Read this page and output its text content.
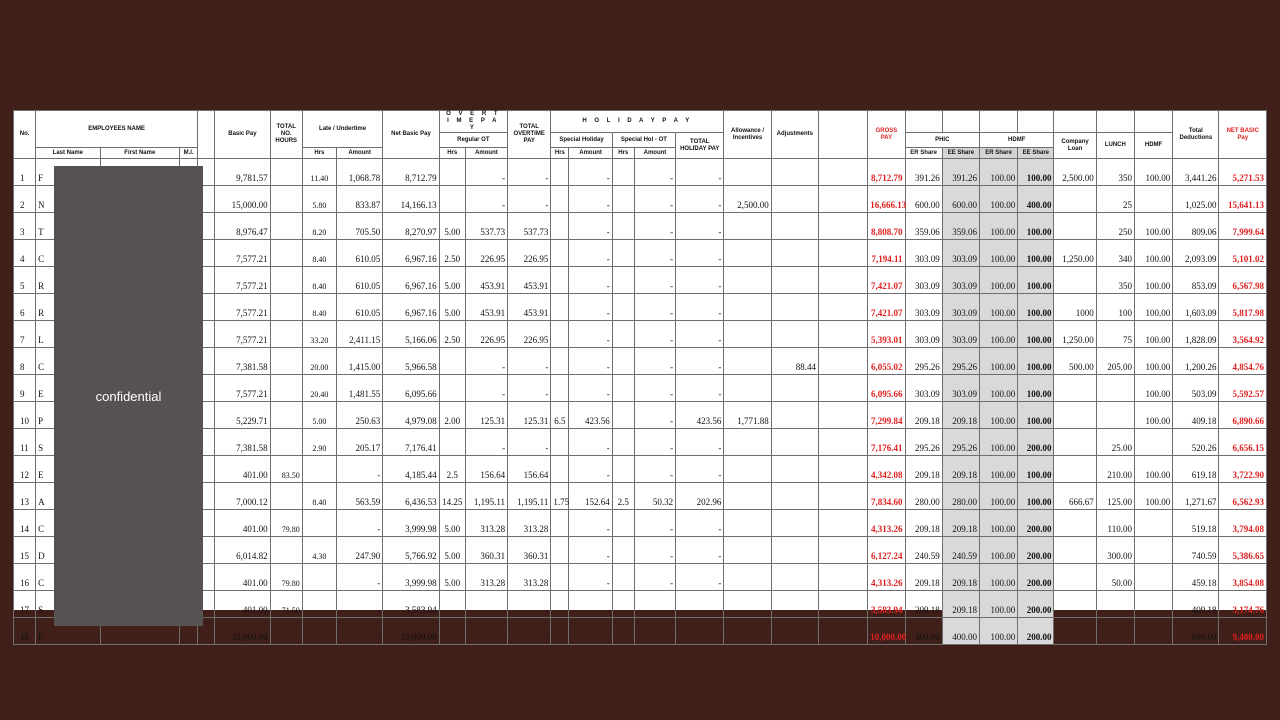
No.	EMPLOYEES NAME				Basic Pay	TOTAL NO. HOURS	Late / Undertime		Net Basic Pay	O V E R T I M E P A Y		TOTAL OVERTIME PAY	H O L I D A Y P A Y					Allowance / Incentives	Adjustments		GROSS PAY								Total Deductions	NET BASIC Pay
										Regular OT			Special Holiday		Special Hol - OT		TOTAL HOLIDAY PAY					PHIC		HDMF		Company Loan	LUNCH	HDMF		
	Last Name	First Name	M.I.				Hrs	Amount		Hrs	Amount		Hrs	Amount	Hrs	Amount						ER Share	EE Share	ER Share	EE Share					
1	F				9,781.57		11.40	1,068.78	8,712.79		-	-		-		-	-				8,712.79	391.26	391.26	100.00	100.00	2,500.00	350	100.00	3,441.26	5,271.53
2	N				15,000.00		5.80	833.87	14,166.13		-	-		-		-	-	2,500.00			16,666.13	600.00	600.00	100.00	400.00		25		1,025.00	15,641.13
3	T				8,976.47		8.20	705.50	8,270.97	5.00	537.73	537.73		-		-	-				8,808.70	359.06	359.06	100.00	100.00		250	100.00	809.06	7,999.64
4	C				7,577.21		8.40	610.05	6,967.16	2.50	226.95	226.95		-		-	-				7,194.11	303.09	303.09	100.00	100.00	1,250.00	340	100.00	2,093.09	5,101.02
5	R				7,577.21		8.40	610.05	6,967.16	5.00	453.91	453.91		-		-	-				7,421.07	303.09	303.09	100.00	100.00		350	100.00	853.09	6,567.98
6	R				7,577.21		8.40	610.05	6,967.16	5.00	453.91	453.91		-		-	-				7,421.07	303.09	303.09	100.00	100.00	1000	100	100.00	1,603.09	5,817.98
7	L				7,577.21		33.20	2,411.15	5,166.06	2.50	226.95	226.95		-		-	-				5,393.01	303.09	303.09	100.00	100.00	1,250.00	75	100.00	1,828.09	3,564.92
8	C				7,381.58		20.00	1,415.00	5,966.58		-	-		-		-	-		88.44		6,055.02	295.26	295.26	100.00	100.00	500.00	205.00	100.00	1,200.26	4,854.76
9	E				7,577.21		20.40	1,481.55	6,095.66		-	-		-		-	-				6,095.66	303.09	303.09	100.00	100.00			100.00	503.09	5,592.57
10	P				5,229.71		5.00	250.63	4,979.08	2.00	125.31	125.31	6.5	423.56		-	423.56	1,771.88			7,299.84	209.18	209.18	100.00	100.00			100.00	409.18	6,890.66
11	S				7,381.58		2.90	205.17	7,176.41		-	-		-		-	-				7,176.41	295.26	295.26	100.00	200.00		25.00		520.26	6,656.15
12	E				401.00	83.50		-	4,185.44	2.5	156.64	156.64		-		-	-				4,342.08	209.18	209.18	100.00	100.00		210.00	100.00	619.18	3,722.90
13	A				7,000.12		8.40	563.59	6,436.53	14.25	1,195.11	1,195.11	1.75	152.64	2.5	50.32	202.96				7,834.60	280.00	280.00	100.00	100.00	666.67	125.00	100.00	1,271.67	6,562.93
14	C				401.00	79.80		-	3,999.98	5.00	313.28	313.28		-		-	-				4,313.26	209.18	209.18	100.00	200.00		110.00		519.18	3,794.08
15	D				6,014.82		4.30	247.90	5,766.92	5.00	360.31	360.31		-		-	-				6,127.24	240.59	240.59	100.00	200.00		300.00		740.59	5,386.65
16	C				401.00	79.80		-	3,999.98	5.00	313.28	313.28		-		-	-				4,313.26	209.18	209.18	100.00	200.00		50.00		459.18	3,854.08
17	S				401.00	71.50		-	3,583.94		-	-		-		-	-				3,583.94	209.18	209.18	100.00	200.00				409.18	3,174.76
18	P				10,000.00			-	10,000.00		-	-		-		-	-				10,000.00	400.00	400.00	100.00	200.00				600.00	9,400.00
confidential
